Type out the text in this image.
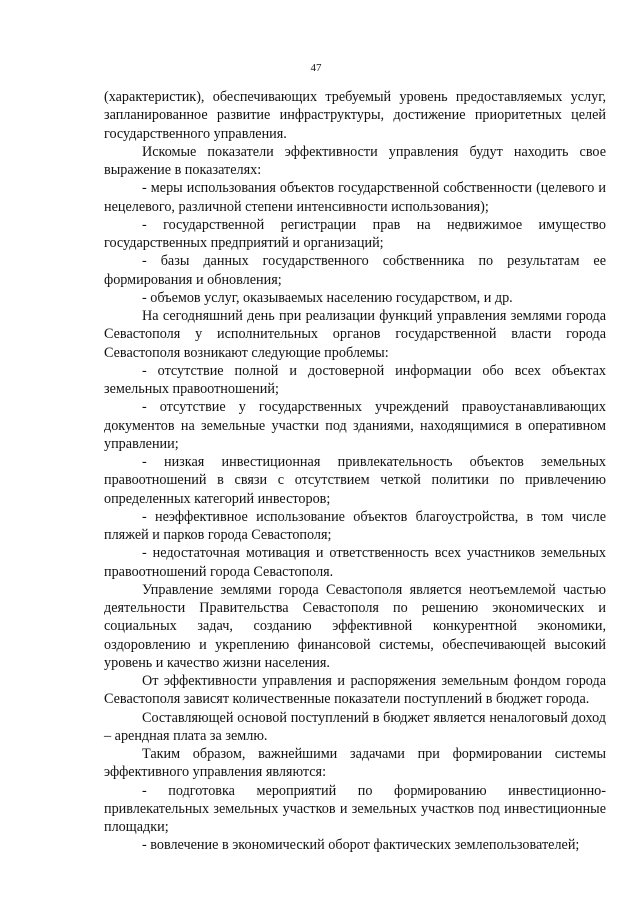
47

(характеристик), обеспечивающих требуемый уровень предоставляемых услуг, запланированное развитие инфраструктуры, достижение приоритетных целей государственного управления.

Искомые показатели эффективности управления будут находить свое выражение в показателях:

- меры использования объектов государственной собственности (целевого и нецелевого, различной степени интенсивности использования);

- государственной регистрации прав на недвижимое имущество государственных предприятий и организаций;

- базы данных государственного собственника по результатам ее формирования и обновления;

- объемов услуг, оказываемых населению государством, и др.

На сегодняшний день при реализации функций управления землями города Севастополя у исполнительных органов государственной власти города Севастополя возникают следующие проблемы:

- отсутствие полной и достоверной информации обо всех объектах земельных правоотношений;

- отсутствие у государственных учреждений правоустанавливающих документов на земельные участки под зданиями, находящимися в оперативном управлении;

- низкая инвестиционная привлекательность объектов земельных правоотношений в связи с отсутствием четкой политики по привлечению определенных категорий инвесторов;

- неэффективное использование объектов благоустройства, в том числе пляжей и парков города Севастополя;

- недостаточная мотивация и ответственность всех участников земельных правоотношений города Севастополя.

Управление землями города Севастополя является неотъемлемой частью деятельности Правительства Севастополя по решению экономических и социальных задач, созданию эффективной конкурентной экономики, оздоровлению и укреплению финансовой системы, обеспечивающей высокий уровень и качество жизни населения.

От эффективности управления и распоряжения земельным фондом города Севастополя зависят количественные показатели поступлений в бюджет города.

Составляющей основой поступлений в бюджет является неналоговый доход – арендная плата за землю.

Таким образом, важнейшими задачами при формировании системы эффективного управления являются:

- подготовка мероприятий по формированию инвестиционно-привлекательных земельных участков и земельных участков под инвестиционные площадки;

- вовлечение в экономический оборот фактических землепользователей;
